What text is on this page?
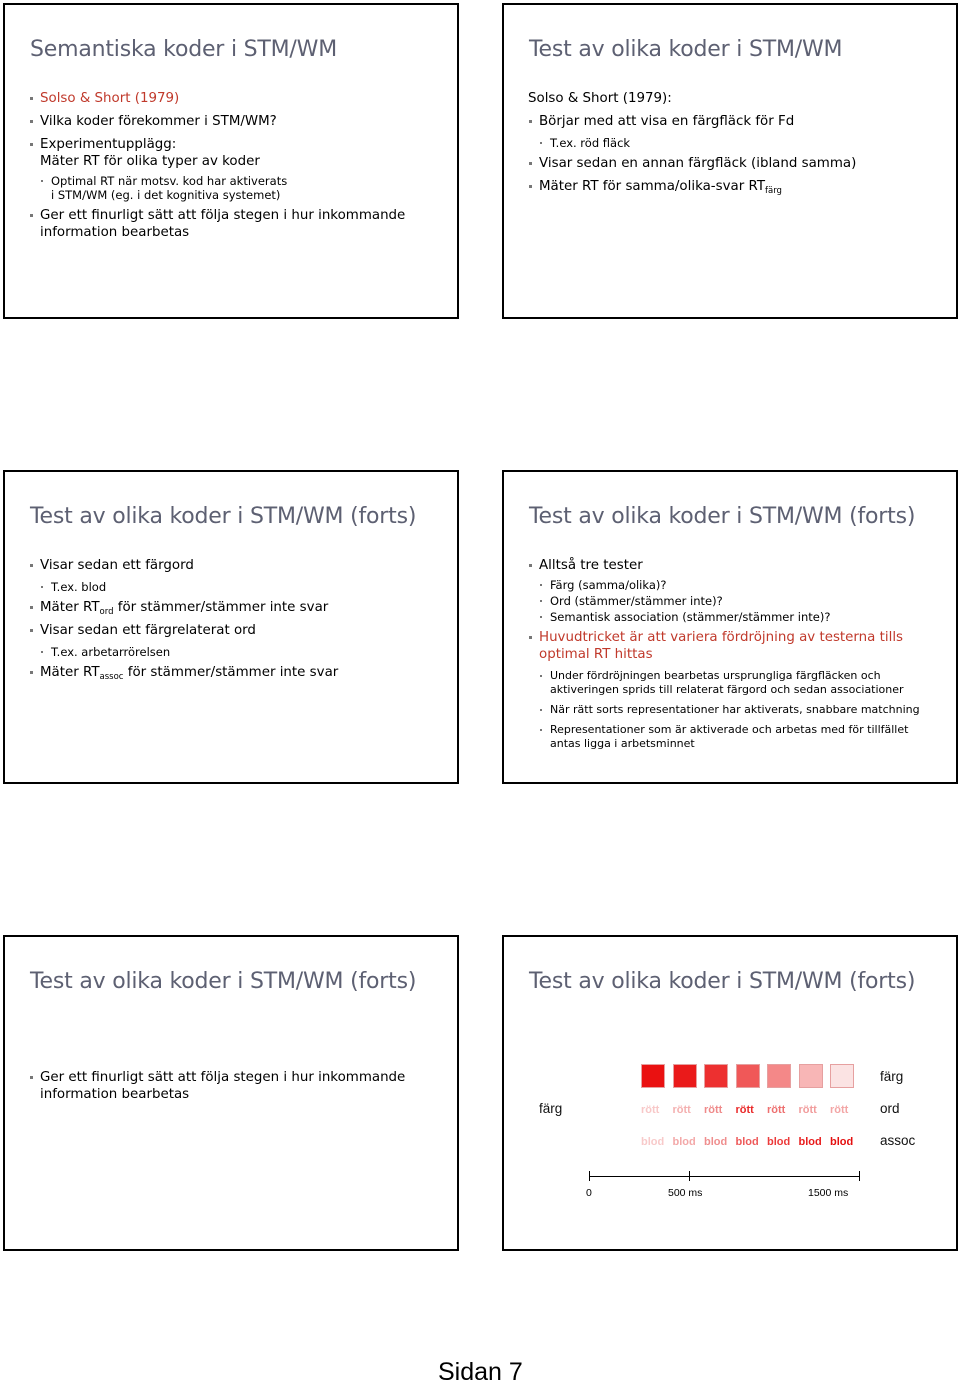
Semantiska koder i STM/WM
Solso & Short (1979)
Vilka koder förekommer i STM/WM?
Experimentupplägg:
Mäter RT för olika typer av koder
Optimal RT när motsv. kod har aktiverats
i STM/WM (eg. i det kognitiva systemet)
Ger ett finurligt sätt att följa stegen i hur inkommande
information bearbetas
Test av olika koder i STM/WM
Solso & Short (1979):
Börjar med att visa en färgfläck för Fd
T.ex. röd fläck
Visar sedan en annan färgfläck (ibland samma)
Mäter RT för samma/olika-svar $RT_{färg}$
Test av olika koder i STM/WM (forts)
Visar sedan ett färgord
T.ex. blod
Mäter $RT_{ord}$ för stämmer/stämmer inte svar
Visar sedan ett färgrelaterat ord
T.ex. arbetarrörelsen
Mäter $RT_{assoc}$ för stämmer/stämmer inte svar
Test av olika koder i STM/WM (forts)
Alltså tre tester
Färg (samma/olika)?
Ord (stämmer/stämmer inte)?
Semantisk association (stämmer/stämmer inte)?
Huvudtricket är att variera fördröjning av testerna tills optimal RT hittas
Under fördröjningen bearbetas ursprungliga färgfläcken och aktiveringen sprids till relaterat färgord och sedan associationer
När rätt sorts representationer har aktiverats, snabbare matchning
Representationer som är aktiverade och arbetas med för tillfället antas ligga i arbetsminnet
Test av olika koder i STM/WM (forts)
Ger ett finurligt sätt att följa stegen i hur inkommande
information bearbetas
Test av olika koder i STM/WM (forts)
färg
färg
ord
assoc
0	500 ms	1500 ms
rött rött rött rött rött rött rött
blod blod blod blod blod blod blod
Sidan 7
